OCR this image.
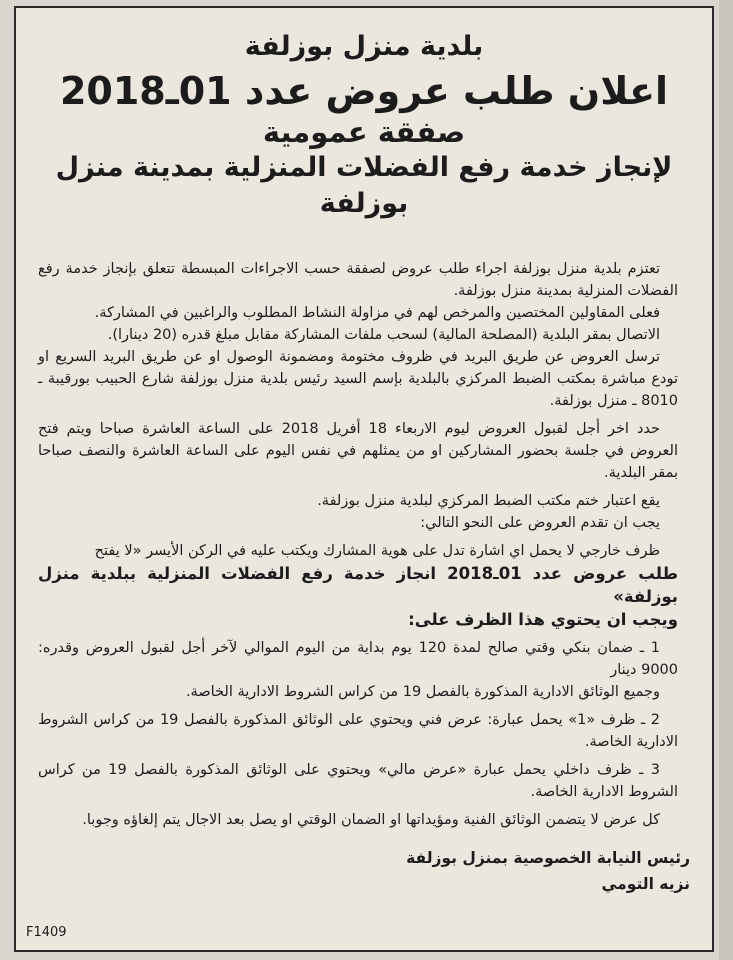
بلدية منزل بوزلفة
اعلان طلب عروض عدد 01ـ2018
صفقة عمومية
لإنجاز خدمة رفع الفضلات المنزلية بمدينة منزل بوزلفة

تعتزم بلدية منزل بوزلفة اجراء طلب عروض لصفقة حسب الاجراءات المبسطة تتعلق بإنجاز خدمة رفع الفضلات المنزلية بمدينة منزل بوزلفة.

فعلى المقاولين المختصين والمرخص لهم في مزاولة النشاط المطلوب والراغبين في المشاركة.

الاتصال بمقر البلدية (المصلحة المالية) لسحب ملفات المشاركة مقابل مبلغ قدره (20 دينارا).

ترسل العروض عن طريق البريد في ظروف مختومة ومضمونة الوصول او عن طريق البريد السريع او تودع مباشرة بمكتب الضبط المركزي بالبلدية بإسم السيد رئيس بلدية منزل بوزلفة شارع الحبيب بورقيبة ـ 8010 ـ منزل بوزلفة.

حدد اخر أجل لقبول العروض ليوم الاربعاء 18 أفريل 2018 على الساعة العاشرة صباحا ويتم فتح العروض في جلسة بحضور المشاركين او من يمثلهم في نفس اليوم على الساعة العاشرة والنصف صباحا بمقر البلدية.

يقع اعتبار ختم مكتب الضبط المركزي لبلدية منزل بوزلفة.

يجب ان تقدم العروض على النحو التالي:

ظرف خارجي لا يحمل اي اشارة تدل على هوية المشارك ويكتب عليه في الركن الأيسر «لا يفتح

طلب عروض عدد 01ـ2018 انجاز خدمة رفع الفضلات المنزلية ببلدية منزل بوزلفة»

ويجب ان يحتوي هذا الظرف على:

1 ـ ضمان بنكي وقتي صالح لمدة 120 يوم بداية من اليوم الموالي لآخر أجل لقبول العروض وقدره: 9000 دينار

وجميع الوثائق الادارية المذكورة بالفصل 19 من كراس الشروط الادارية الخاصة.

2 ـ ظرف «1» يحمل عبارة: عرض فني ويحتوي على الوثائق المذكورة بالفصل 19 من كراس الشروط الادارية الخاصة.

3 ـ ظرف داخلي يحمل عبارة «عرض مالي» ويحتوي على الوثائق المذكورة بالفصل 19 من كراس الشروط الادارية الخاصة.

كل عرض لا يتضمن الوثائق الفنية ومؤيداتها او الضمان الوقتي او يصل بعد الاجال يتم إلغاؤه وجوبا.

رئيس النيابة الخصوصية بمنزل بوزلفة
نزيه التومي
F1409
